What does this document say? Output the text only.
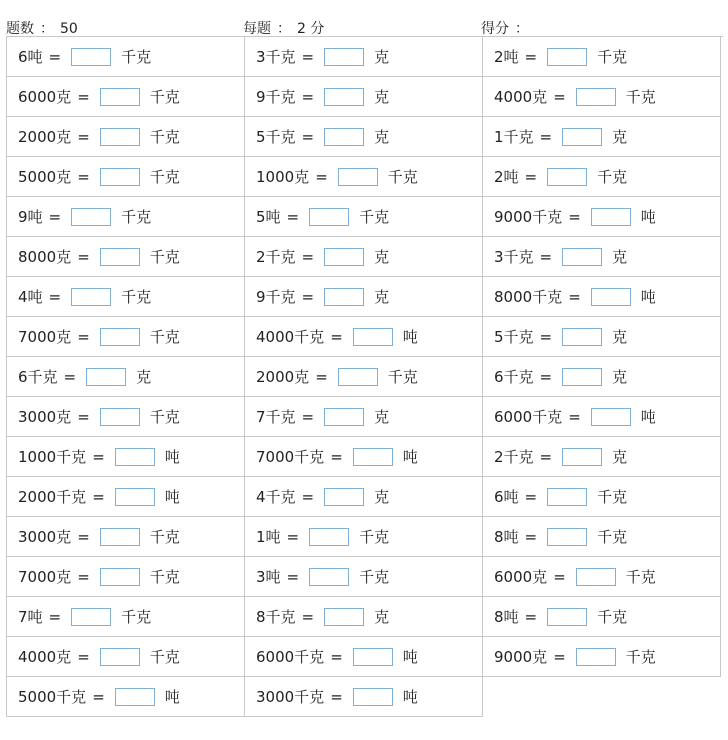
题数 ： 50	每题 ： 2 分	得分 ：
6吨 =	千克	3千克 =	克	2吨 =	千克
6000克 =	千克	9千克 =	克	4000克 =	千克
2000克 =	千克	5千克 =	克	1千克 =	克
5000克 =	千克	1000克 =	千克	2吨 =	千克
9吨 =	千克	5吨 =	千克	9000千克 =	吨
8000克 =	千克	2千克 =	克	3千克 =	克
4吨 =	千克	9千克 =	克	8000千克 =	吨
7000克 =	千克	4000千克 =	吨	5千克 =	克
6千克 =	克	2000克 =	千克	6千克 =	克
3000克 =	千克	7千克 =	克	6000千克 =	吨
1000千克 =	吨	7000千克 =	吨	2千克 =	克
2000千克 =	吨	4千克 =	克	6吨 =	千克
3000克 =	千克	1吨 =	千克	8吨 =	千克
7000克 =	千克	3吨 =	千克	6000克 =	千克
7吨 =	千克	8千克 =	克	8吨 =	千克
4000克 =	千克	6000千克 =	吨	9000克 =	千克
5000千克 =	吨	3000千克 =	吨
